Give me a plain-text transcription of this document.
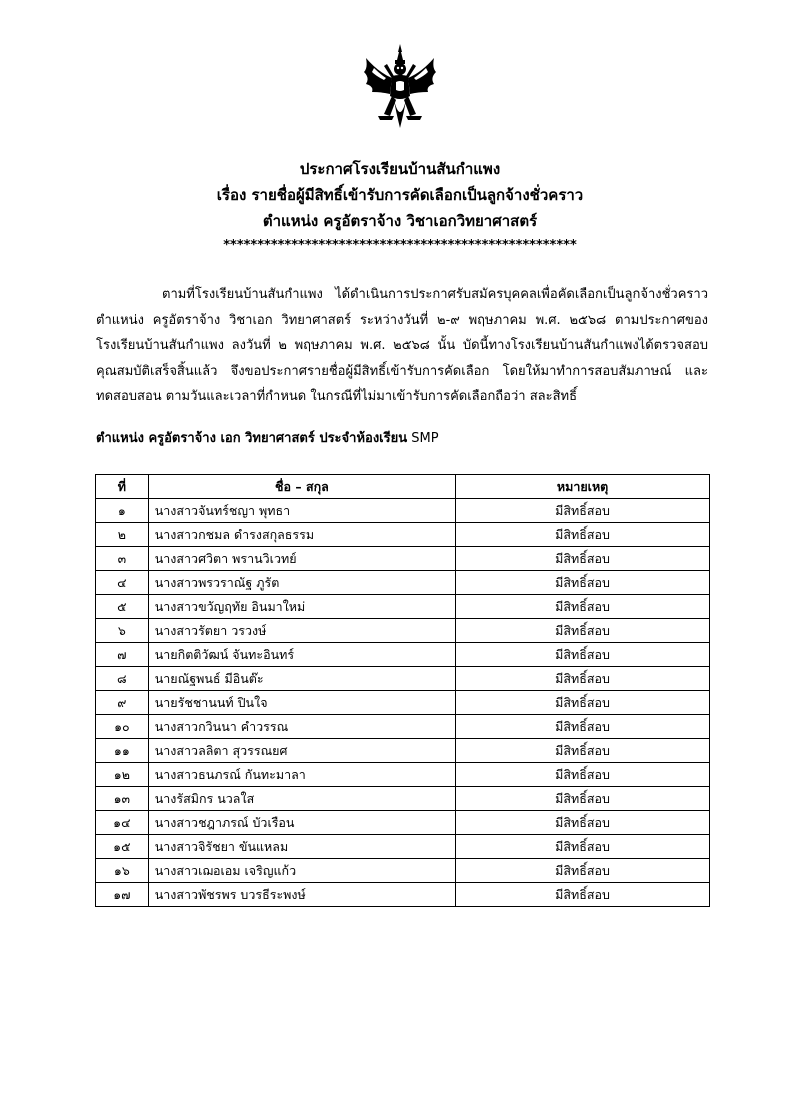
ประกาศโรงเรียนบ้านสันกำแพง
เรื่อง รายชื่อผู้มีสิทธิ์เข้ารับการคัดเลือกเป็นลูกจ้างชั่วคราว
ตำแหน่ง ครูอัตราจ้าง วิชาเอกวิทยาศาสตร์
****************************************************

ตามที่โรงเรียนบ้านสันกำแพง ได้ดำเนินการประกาศรับสมัครบุคคลเพื่อคัดเลือกเป็นลูกจ้างชั่วคราว ตำแหน่ง ครูอัตราจ้าง วิชาเอก วิทยาศาสตร์ ระหว่างวันที่ ๒-๙ พฤษภาคม พ.ศ. ๒๕๖๘ ตามประกาศของโรงเรียนบ้านสันกำแพง ลงวันที่ ๒ พฤษภาคม พ.ศ. ๒๕๖๘ นั้น บัดนี้ทางโรงเรียนบ้านสันกำแพงได้ตรวจสอบคุณสมบัติเสร็จสิ้นแล้ว จึงขอประกาศรายชื่อผู้มีสิทธิ์เข้ารับการคัดเลือก โดยให้มาทำการสอบสัมภาษณ์ และทดสอบสอน ตามวันและเวลาที่กำหนด ในกรณีที่ไม่มาเข้ารับการคัดเลือกถือว่า สละสิทธิ์

ตำแหน่ง ครูอัตราจ้าง เอก วิทยาศาสตร์ ประจำห้องเรียน SMP
ที่	ชื่อ – สกุล	หมายเหตุ
๑	นางสาวจันทร์ชญา พุทธา	มีสิทธิ์สอบ
๒	นางสาวกชมล ดำรงสกุลธรรม	มีสิทธิ์สอบ
๓	นางสาวศวิตา พรานวิเวทย์	มีสิทธิ์สอบ
๔	นางสาวพรวราณัฐ ภูรัต	มีสิทธิ์สอบ
๕	นางสาวขวัญฤทัย อินมาใหม่	มีสิทธิ์สอบ
๖	นางสาวรัตยา วรวงษ์	มีสิทธิ์สอบ
๗	นายกิตติวัฒน์ จันทะอินทร์	มีสิทธิ์สอบ
๘	นายณัฐพนธ์ มีอินต๊ะ	มีสิทธิ์สอบ
๙	นายรัชชานนท์ ปินใจ	มีสิทธิ์สอบ
๑๐	นางสาวกวินนา คำวรรณ	มีสิทธิ์สอบ
๑๑	นางสาวลลิตา สุวรรณยศ	มีสิทธิ์สอบ
๑๒	นางสาวธนภรณ์ กันทะมาลา	มีสิทธิ์สอบ
๑๓	นางรัสมิกร นวลใส	มีสิทธิ์สอบ
๑๔	นางสาวชฎาภรณ์ บัวเรือน	มีสิทธิ์สอบ
๑๕	นางสาวจิรัชยา ขันแหลม	มีสิทธิ์สอบ
๑๖	นางสาวเฌอเอม เจริญแก้ว	มีสิทธิ์สอบ
๑๗	นางสาวพัชรพร บวรธีระพงษ์	มีสิทธิ์สอบ
